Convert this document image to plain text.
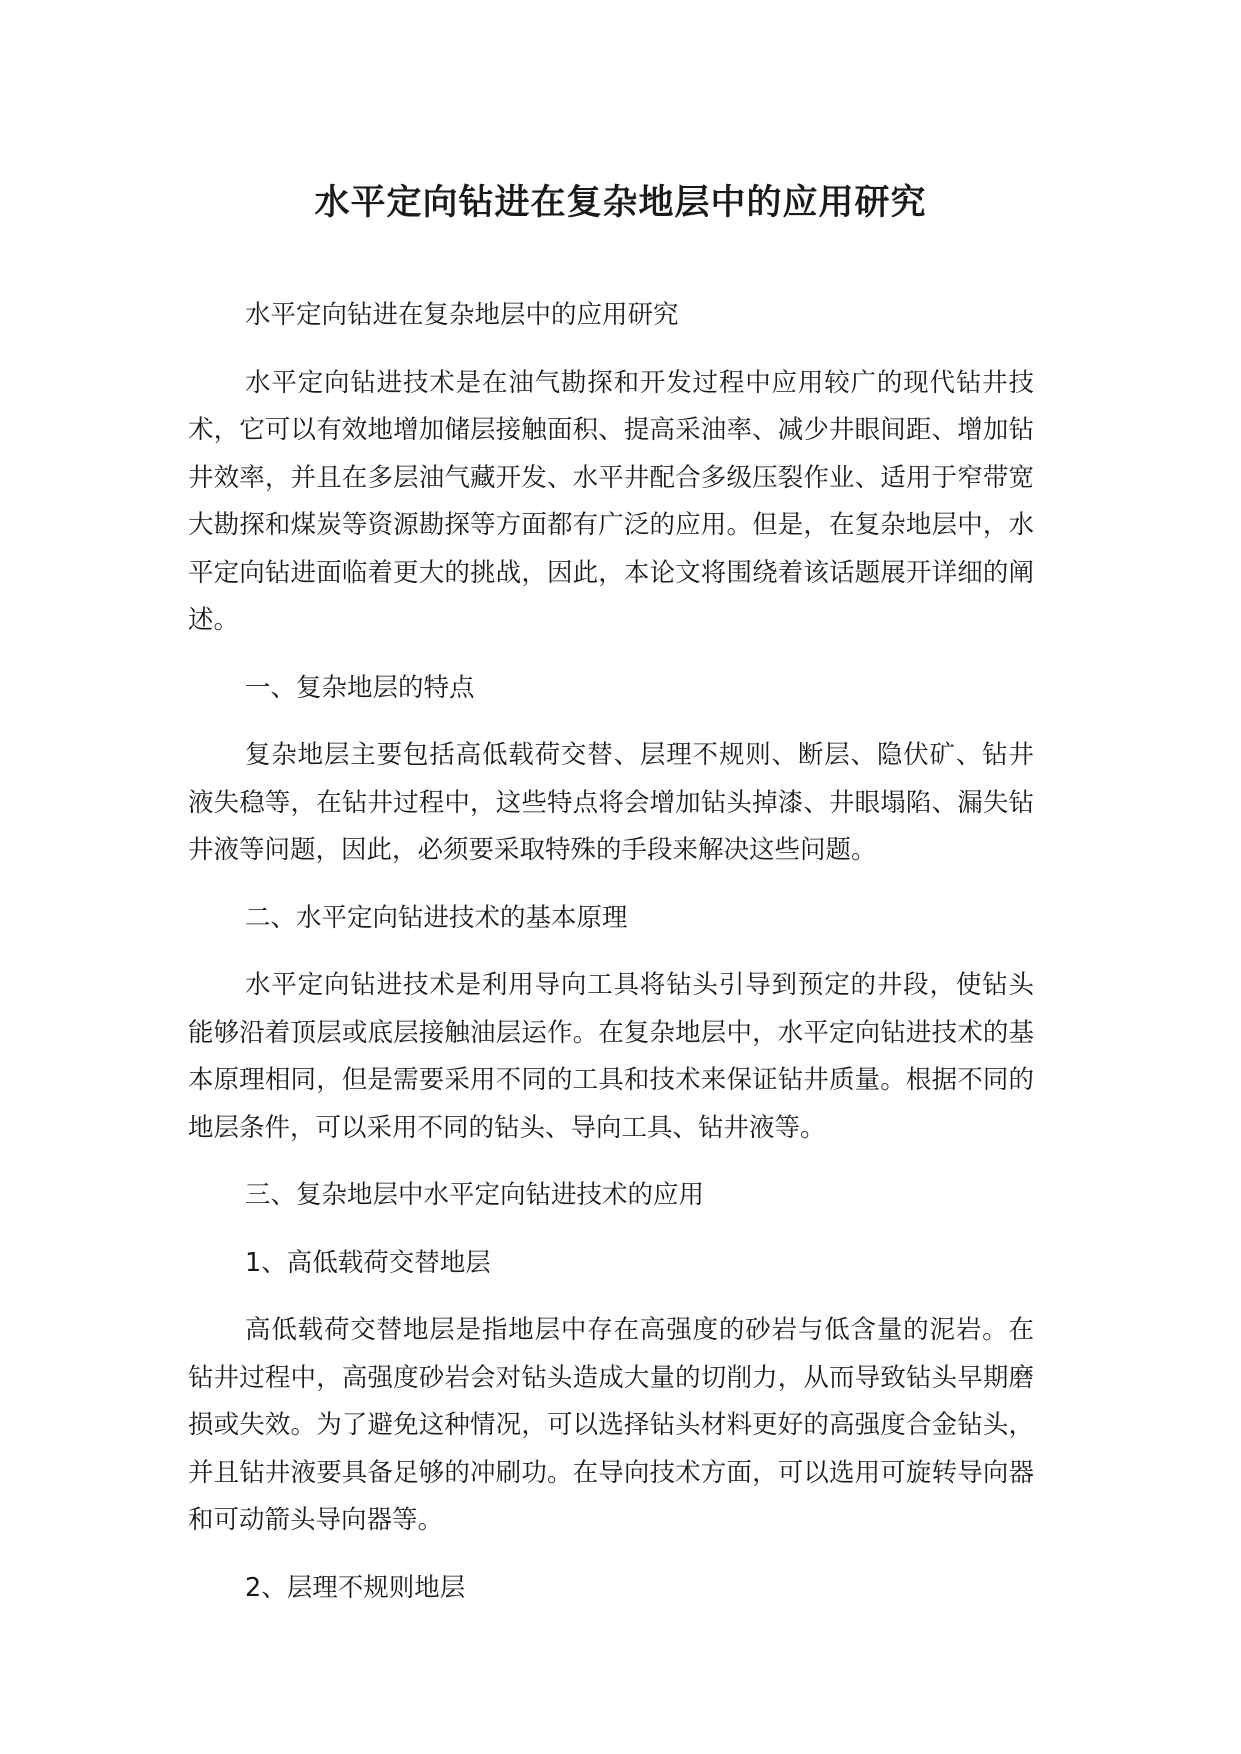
水平定向钻进在复杂地层中的应用研究

水平定向钻进在复杂地层中的应用研究

水平定向钻进技术是在油气勘探和开发过程中应用较广的现代钻井技术，它可以有效地增加储层接触面积、提高采油率、减少井眼间距、增加钻井效率，并且在多层油气藏开发、水平井配合多级压裂作业、适用于窄带宽大勘探和煤炭等资源勘探等方面都有广泛的应用。但是，在复杂地层中，水平定向钻进面临着更大的挑战，因此，本论文将围绕着该话题展开详细的阐述。

一、复杂地层的特点

复杂地层主要包括高低载荷交替、层理不规则、断层、隐伏矿、钻井液失稳等，在钻井过程中，这些特点将会增加钻头掉漆、井眼塌陷、漏失钻井液等问题，因此，必须要采取特殊的手段来解决这些问题。

二、水平定向钻进技术的基本原理

水平定向钻进技术是利用导向工具将钻头引导到预定的井段，使钻头能够沿着顶层或底层接触油层运作。在复杂地层中，水平定向钻进技术的基本原理相同，但是需要采用不同的工具和技术来保证钻井质量。根据不同的地层条件，可以采用不同的钻头、导向工具、钻井液等。

三、复杂地层中水平定向钻进技术的应用

1、高低载荷交替地层

高低载荷交替地层是指地层中存在高强度的砂岩与低含量的泥岩。在钻井过程中，高强度砂岩会对钻头造成大量的切削力，从而导致钻头早期磨损或失效。为了避免这种情况，可以选择钻头材料更好的高强度合金钻头，并且钻井液要具备足够的冲刷功。在导向技术方面，可以选用可旋转导向器和可动箭头导向器等。

2、层理不规则地层
